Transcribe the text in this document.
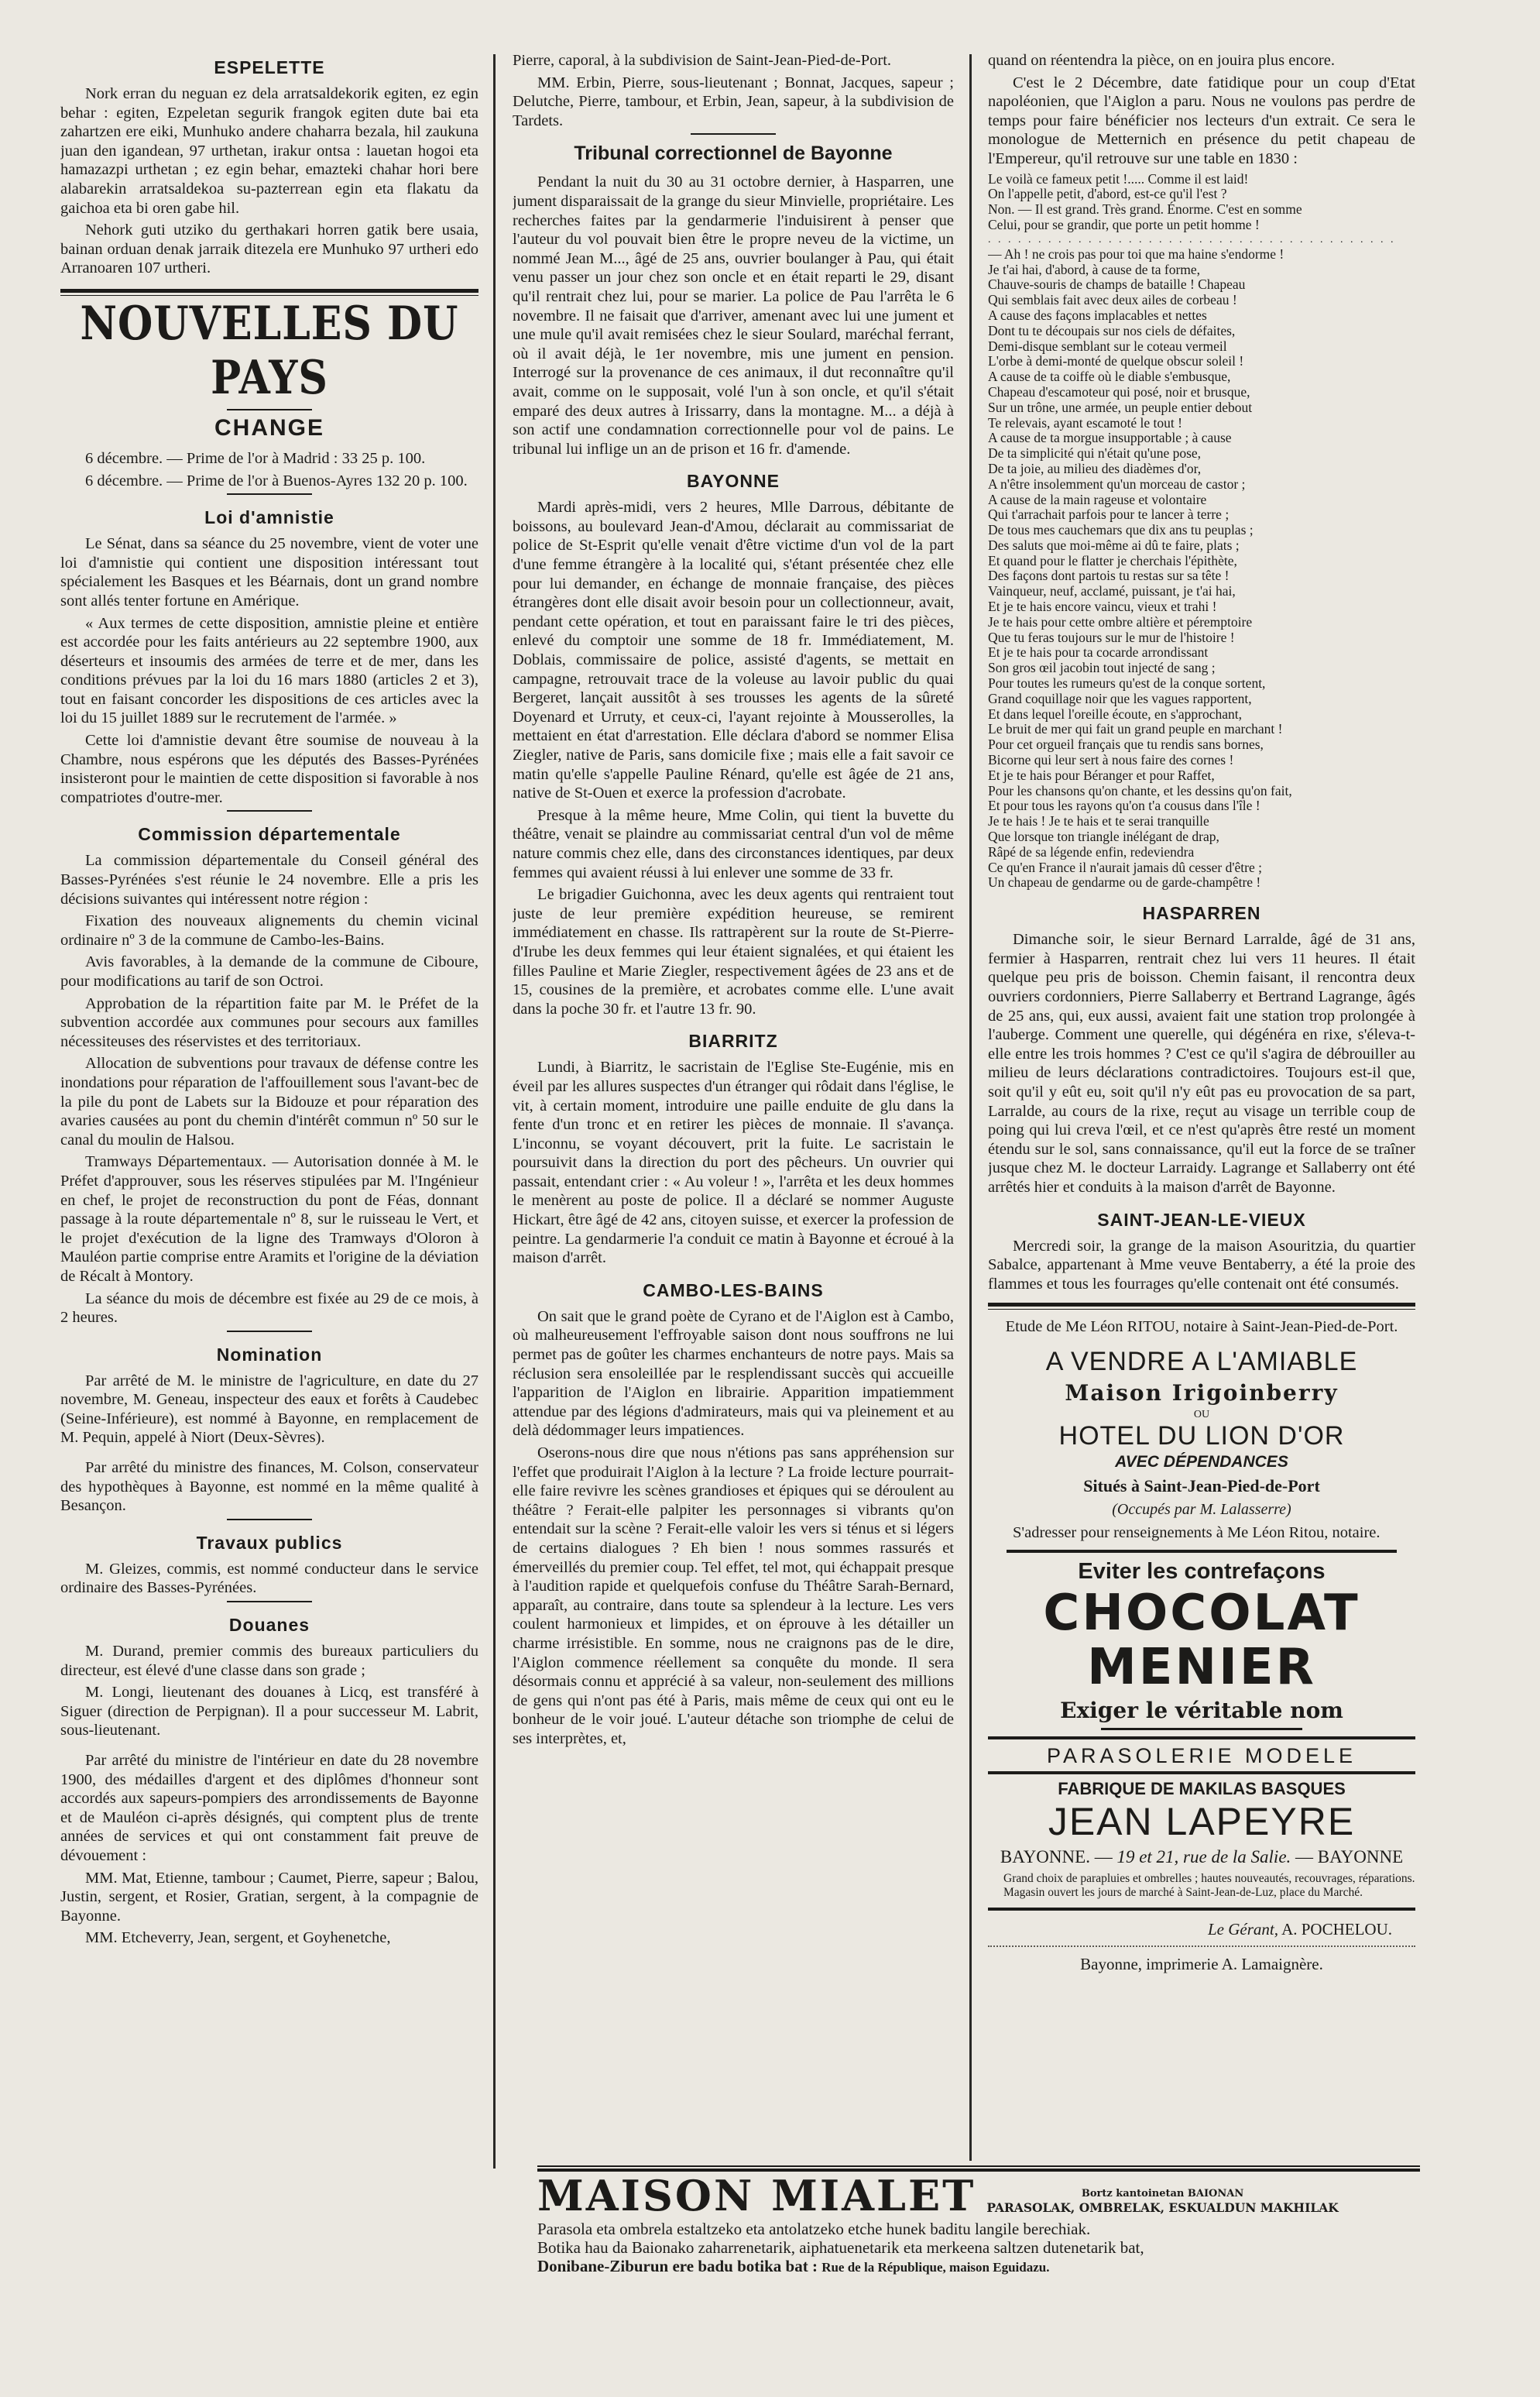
ESPELETTE

Nork erran du neguan ez dela arratsaldekorik egiten, ez egin behar : egiten, Ezpeletan segurik frangok egiten dute bai eta zahartzen ere eiki, Munhuko andere chaharra bezala, hil zaukuna juan den igandean, 97 urthetan, irakur ontsa : lauetan hogoi eta hamazazpi urthetan ; ez egin behar, emazteki chahar hori bere alabarekin arratsaldekoa su-pazterrean egin eta flakatu da gaichoa eta bi oren gabe hil.

Nehork guti utziko du gerthakari horren gatik bere usaia, bainan orduan denak jarraik ditezela ere Munhuko 97 urtheri edo Arranoaren 107 urtheri.

NOUVELLES DU PAYS
CHANGE

6 décembre. — Prime de l'or à Madrid : 33 25 p. 100.

6 décembre. — Prime de l'or à Buenos-Ayres 132 20 p. 100.

Loi d'amnistie

Le Sénat, dans sa séance du 25 novembre, vient de voter une loi d'amnistie qui contient une disposition intéressant tout spécialement les Basques et les Béarnais, dont un grand nombre sont allés tenter fortune en Amérique.

« Aux termes de cette disposition, amnistie pleine et entière est accordée pour les faits antérieurs au 22 septembre 1900, aux déserteurs et insoumis des armées de terre et de mer, dans les conditions prévues par la loi du 16 mars 1880 (articles 2 et 3), tout en faisant concorder les dispositions de ces articles avec la loi du 15 juillet 1889 sur le recrutement de l'armée. »

Cette loi d'amnistie devant être soumise de nouveau à la Chambre, nous espérons que les députés des Basses-Pyrénées insisteront pour le maintien de cette disposition si favorable à nos compatriotes d'outre-mer.

Commission départementale

La commission départementale du Conseil général des Basses-Pyrénées s'est réunie le 24 novembre. Elle a pris les décisions suivantes qui intéressent notre région :

Fixation des nouveaux alignements du chemin vicinal ordinaire nº 3 de la commune de Cambo-les-Bains.

Avis favorables, à la demande de la commune de Ciboure, pour modifications au tarif de son Octroi.

Approbation de la répartition faite par M. le Préfet de la subvention accordée aux communes pour secours aux familles nécessiteuses des réservistes et des territoriaux.

Allocation de subventions pour travaux de défense contre les inondations pour réparation de l'affouillement sous l'avant-bec de la pile du pont de Labets sur la Bidouze et pour réparation des avaries causées au pont du chemin d'intérêt commun nº 50 sur le canal du moulin de Halsou.

Tramways Départementaux. — Autorisation donnée à M. le Préfet d'approuver, sous les réserves stipulées par M. l'Ingénieur en chef, le projet de reconstruction du pont de Féas, donnant passage à la route départementale nº 8, sur le ruisseau le Vert, et le projet d'exécution de la ligne des Tramways d'Oloron à Mauléon partie comprise entre Aramits et l'origine de la déviation de Récalt à Montory.

La séance du mois de décembre est fixée au 29 de ce mois, à 2 heures.

Nomination

Par arrêté de M. le ministre de l'agriculture, en date du 27 novembre, M. Geneau, inspecteur des eaux et forêts à Caudebec (Seine-Inférieure), est nommé à Bayonne, en remplacement de M. Pequin, appelé à Niort (Deux-Sèvres).

Par arrêté du ministre des finances, M. Colson, conservateur des hypothèques à Bayonne, est nommé en la même qualité à Besançon.

Travaux publics

M. Gleizes, commis, est nommé conducteur dans le service ordinaire des Basses-Pyrénées.

Douanes

M. Durand, premier commis des bureaux particuliers du directeur, est élevé d'une classe dans son grade ;

M. Longi, lieutenant des douanes à Licq, est transféré à Siguer (direction de Perpignan). Il a pour successeur M. Labrit, sous-lieutenant.

Par arrêté du ministre de l'intérieur en date du 28 novembre 1900, des médailles d'argent et des diplômes d'honneur sont accordés aux sapeurs-pompiers des arrondissements de Bayonne et de Mauléon ci-après désignés, qui comptent plus de trente années de services et qui ont constamment fait preuve de dévouement :

MM. Mat, Etienne, tambour ; Caumet, Pierre, sapeur ; Balou, Justin, sergent, et Rosier, Gratian, sergent, à la compagnie de Bayonne.

MM. Etcheverry, Jean, sergent, et Goyhenetche,

Pierre, caporal, à la subdivision de Saint-Jean-Pied-de-Port.

MM. Erbin, Pierre, sous-lieutenant ; Bonnat, Jacques, sapeur ; Delutche, Pierre, tambour, et Erbin, Jean, sapeur, à la subdivision de Tardets.

Tribunal correctionnel de Bayonne

Pendant la nuit du 30 au 31 octobre dernier, à Hasparren, une jument disparaissait de la grange du sieur Minvielle, propriétaire. Les recherches faites par la gendarmerie l'induisirent à penser que l'auteur du vol pouvait bien être le propre neveu de la victime, un nommé Jean M..., âgé de 25 ans, ouvrier boulanger à Pau, qui était venu passer un jour chez son oncle et en était reparti le 29, disant qu'il rentrait chez lui, pour se marier. La police de Pau l'arrêta le 6 novembre. Il ne faisait que d'arriver, amenant avec lui une jument et une mule qu'il avait remisées chez le sieur Soulard, maréchal ferrant, où il avait déjà, le 1er novembre, mis une jument en pension. Interrogé sur la provenance de ces animaux, il dut reconnaître qu'il avait, comme on le supposait, volé l'un à son oncle, et qu'il s'était emparé des deux autres à Irissarry, dans la montagne. M... a déjà à son actif une condamnation correctionnelle pour vol de pains. Le tribunal lui inflige un an de prison et 16 fr. d'amende.

BAYONNE

Mardi après-midi, vers 2 heures, Mlle Darrous, débitante de boissons, au boulevard Jean-d'Amou, déclarait au commissariat de police de St-Esprit qu'elle venait d'être victime d'un vol de la part d'une femme étrangère à la localité qui, s'étant présentée chez elle pour lui demander, en échange de monnaie française, des pièces étrangères dont elle disait avoir besoin pour un collectionneur, avait, pendant cette opération, et tout en paraissant faire le tri des pièces, enlevé du comptoir une somme de 18 fr. Immédiatement, M. Doblais, commissaire de police, assisté d'agents, se mettait en campagne, retrouvait trace de la voleuse au lavoir public du quai Bergeret, lançait aussitôt à ses trousses les agents de la sûreté Doyenard et Urruty, et ceux-ci, l'ayant rejointe à Mousserolles, la mettaient en état d'arrestation. Elle déclara d'abord se nommer Elisa Ziegler, native de Paris, sans domicile fixe ; mais elle a fait savoir ce matin qu'elle s'appelle Pauline Rénard, qu'elle est âgée de 21 ans, native de St-Ouen et exerce la profession d'acrobate.

Presque à la même heure, Mme Colin, qui tient la buvette du théâtre, venait se plaindre au commissariat central d'un vol de même nature commis chez elle, dans des circonstances identiques, par deux femmes qui avaient réussi à lui enlever une somme de 33 fr.

Le brigadier Guichonna, avec les deux agents qui rentraient tout juste de leur première expédition heureuse, se remirent immédiatement en chasse. Ils rattrapèrent sur la route de St-Pierre-d'Irube les deux femmes qui leur étaient signalées, et qui étaient les filles Pauline et Marie Ziegler, respectivement âgées de 23 ans et de 15, cousines de la première, et acrobates comme elle. L'une avait dans la poche 30 fr. et l'autre 13 fr. 90.

BIARRITZ

Lundi, à Biarritz, le sacristain de l'Eglise Ste-Eugénie, mis en éveil par les allures suspectes d'un étranger qui rôdait dans l'église, le vit, à certain moment, introduire une paille enduite de glu dans la fente d'un tronc et en retirer les pièces de monnaie. Il s'avança. L'inconnu, se voyant découvert, prit la fuite. Le sacristain le poursuivit dans la direction du port des pêcheurs. Un ouvrier qui passait, entendant crier : « Au voleur ! », l'arrêta et les deux hommes le menèrent au poste de police. Il a déclaré se nommer Auguste Hickart, être âgé de 42 ans, citoyen suisse, et exercer la profession de peintre. La gendarmerie l'a conduit ce matin à Bayonne et écroué à la maison d'arrêt.

CAMBO-LES-BAINS

On sait que le grand poète de Cyrano et de l'Aiglon est à Cambo, où malheureusement l'effroyable saison dont nous souffrons ne lui permet pas de goûter les charmes enchanteurs de notre pays. Mais sa réclusion sera ensoleillée par le resplendissant succès qui accueille l'apparition de l'Aiglon en librairie. Apparition impatiemment attendue par des légions d'admirateurs, mais qui va pleinement et au delà dédommager leurs impatiences.

Oserons-nous dire que nous n'étions pas sans appréhension sur l'effet que produirait l'Aiglon à la lecture ? La froide lecture pourrait-elle faire revivre les scènes grandioses et épiques qui se déroulent au théâtre ? Ferait-elle palpiter les personnages si vibrants qu'on entendait sur la scène ? Ferait-elle valoir les vers si ténus et si légers de certains dialogues ? Eh bien ! nous sommes rassurés et émerveillés du premier coup. Tel effet, tel mot, qui échappait presque à l'audition rapide et quelquefois confuse du Théâtre Sarah-Bernard, apparaît, au contraire, dans toute sa splendeur à la lecture. Les vers coulent harmonieux et limpides, et on éprouve à les détailler un charme irrésistible. En somme, nous ne craignons pas de le dire, l'Aiglon commence réellement sa conquête du monde. Il sera désormais connu et apprécié à sa valeur, non-seulement des millions de gens qui n'ont pas été à Paris, mais même de ceux qui ont eu le bonheur de le voir joué. L'auteur détache son triomphe de celui de ses interprètes, et,

quand on réentendra la pièce, on en jouira plus encore.

C'est le 2 Décembre, date fatidique pour un coup d'Etat napoléonien, que l'Aiglon a paru. Nous ne voulons pas perdre de temps pour faire bénéficier nos lecteurs d'un extrait. Ce sera le monologue de Metternich en présence du petit chapeau de l'Empereur, qu'il retrouve sur une table en 1830 :

Le voilà ce fameux petit !..... Comme il est laid!

On l'appelle petit, d'abord, est-ce qu'il l'est ?

Non. — Il est grand. Très grand. Énorme. C'est en somme

Celui, pour se grandir, que porte un petit homme !

. . . . . . . . . . . . . . . . . . . . . . . . . . . . . . . . . . . . . . . . .

— Ah ! ne crois pas pour toi que ma haine s'endorme !

Je t'ai hai, d'abord, à cause de ta forme,

Chauve-souris de champs de bataille ! Chapeau

Qui semblais fait avec deux ailes de corbeau !

A cause des façons implacables et nettes

Dont tu te découpais sur nos ciels de défaites,

Demi-disque semblant sur le coteau vermeil

L'orbe à demi-monté de quelque obscur soleil !

A cause de ta coiffe où le diable s'embusque,

Chapeau d'escamoteur qui posé, noir et brusque,

Sur un trône, une armée, un peuple entier debout

Te relevais, ayant escamoté le tout !

A cause de ta morgue insupportable ; à cause

De ta simplicité qui n'était qu'une pose,

De ta joie, au milieu des diadèmes d'or,

A n'être insolemment qu'un morceau de castor ;

A cause de la main rageuse et volontaire

Qui t'arrachait parfois pour te lancer à terre ;

De tous mes cauchemars que dix ans tu peuplas ;

Des saluts que moi-même ai dû te faire, plats ;

Et quand pour le flatter je cherchais l'épithète,

Des façons dont partois tu restas sur sa tête !

Vainqueur, neuf, acclamé, puissant, je t'ai hai,

Et je te hais encore vaincu, vieux et trahi !

Je te hais pour cette ombre altière et péremptoire

Que tu feras toujours sur le mur de l'histoire !

Et je te hais pour ta cocarde arrondissant

Son gros œil jacobin tout injecté de sang ;

Pour toutes les rumeurs qu'est de la conque sortent,

Grand coquillage noir que les vagues rapportent,

Et dans lequel l'oreille écoute, en s'approchant,

Le bruit de mer qui fait un grand peuple en marchant !

Pour cet orgueil français que tu rendis sans bornes,

Bicorne qui leur sert à nous faire des cornes !

Et je te hais pour Béranger et pour Raffet,

Pour les chansons qu'on chante, et les dessins qu'on fait,

Et pour tous les rayons qu'on t'a cousus dans l'île !

Je te hais ! Je te hais et te serai tranquille

Que lorsque ton triangle inélégant de drap,

Râpé de sa légende enfin, redeviendra

Ce qu'en France il n'aurait jamais dû cesser d'être ;

Un chapeau de gendarme ou de garde-champêtre !

HASPARREN

Dimanche soir, le sieur Bernard Larralde, âgé de 31 ans, fermier à Hasparren, rentrait chez lui vers 11 heures. Il était quelque peu pris de boisson. Chemin faisant, il rencontra deux ouvriers cordonniers, Pierre Sallaberry et Bertrand Lagrange, âgés de 25 ans, qui, eux aussi, avaient fait une station trop prolongée à l'auberge. Comment une querelle, qui dégénéra en rixe, s'éleva-t-elle entre les trois hommes ? C'est ce qu'il s'agira de débrouiller au milieu de leurs déclarations contradictoires. Toujours est-il que, soit qu'il y eût eu, soit qu'il n'y eût pas eu provocation de sa part, Larralde, au cours de la rixe, reçut au visage un terrible coup de poing qui lui creva l'œil, et ce n'est qu'après être resté un moment étendu sur le sol, sans connaissance, qu'il eut la force de se traîner jusque chez M. le docteur Larraidy. Lagrange et Sallaberry ont été arrêtés hier et conduits à la maison d'arrêt de Bayonne.

SAINT-JEAN-LE-VIEUX

Mercredi soir, la grange de la maison Asouritzia, du quartier Sabalce, appartenant à Mme veuve Bentaberry, a été la proie des flammes et tous les fourrages qu'elle contenait ont été consumés.

Etude de Me Léon RITOU, notaire à Saint-Jean-Pied-de-Port.
A VENDRE A L'AMIABLE
Maison Irigoinberry
OU
HOTEL DU LION D'OR
AVEC DÉPENDANCES
Situés à Saint-Jean-Pied-de-Port
(Occupés par M. Lalasserre)
S'adresser pour renseignements à Me Léon Ritou, notaire.
Eviter les contrefaçons
CHOCOLAT
MENIER
Exiger le véritable nom
PARASOLERIE MODELE
FABRIQUE DE MAKILAS BASQUES
JEAN LAPEYRE
BAYONNE. — 19 et 21, rue de la Salie. — BAYONNE

Grand choix de parapluies et ombrelles ; hautes nouveautés, recouvrages, réparations.

Magasin ouvert les jours de marché à Saint-Jean-de-Luz, place du Marché.

Le Gérant, A. POCHELOU.
Bayonne, imprimerie A. Lamaignère.
MAISON MIALET	Bortz kantoinetan BAIONAN
PARASOLAK, OMBRELAK, ESKUALDUN MAKHILAK

Parasola eta ombrela estaltzeko eta antolatzeko etche hunek baditu langile berechiak.

Botika hau da Baionako zaharrenetarik, aiphatuenetarik eta merkeena saltzen dutenetarik bat,

Donibane-Ziburun ere badu botika bat : Rue de la République, maison Eguidazu.
